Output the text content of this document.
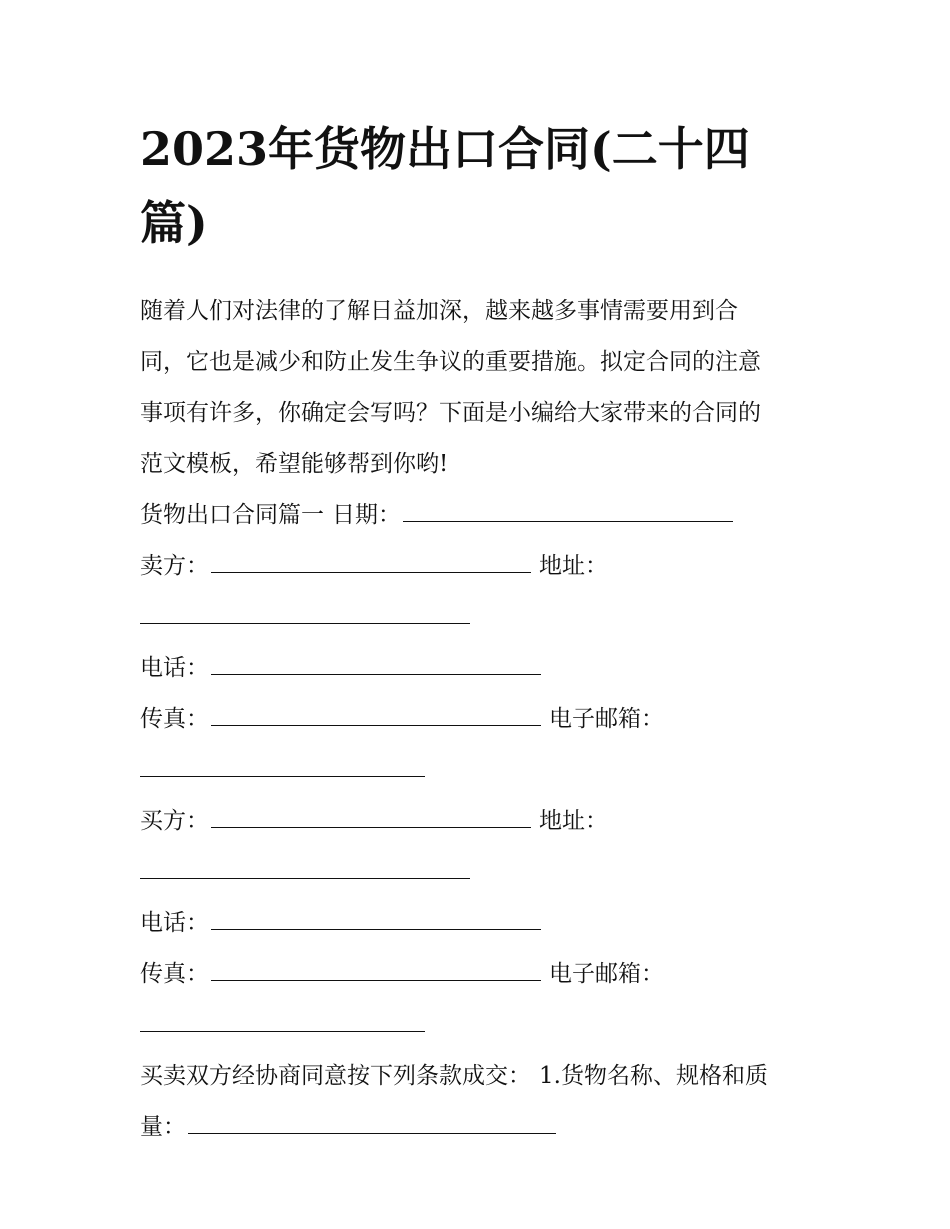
2023年货物出口合同(二十四篇)

随着人们对法律的了解日益加深，越来越多事情需要用到合

同，它也是减少和防止发生争议的重要措施。拟定合同的注意

事项有许多，你确定会写吗？下面是小编给大家带来的合同的

范文模板，希望能够帮到你哟!

货物出口合同篇一 日期：

卖方：	地址：

电话：

传真：	电子邮箱：

买方：	地址：

电话：

传真：	电子邮箱：

买卖双方经协商同意按下列条款成交： 1.货物名称、规格和质

量：
